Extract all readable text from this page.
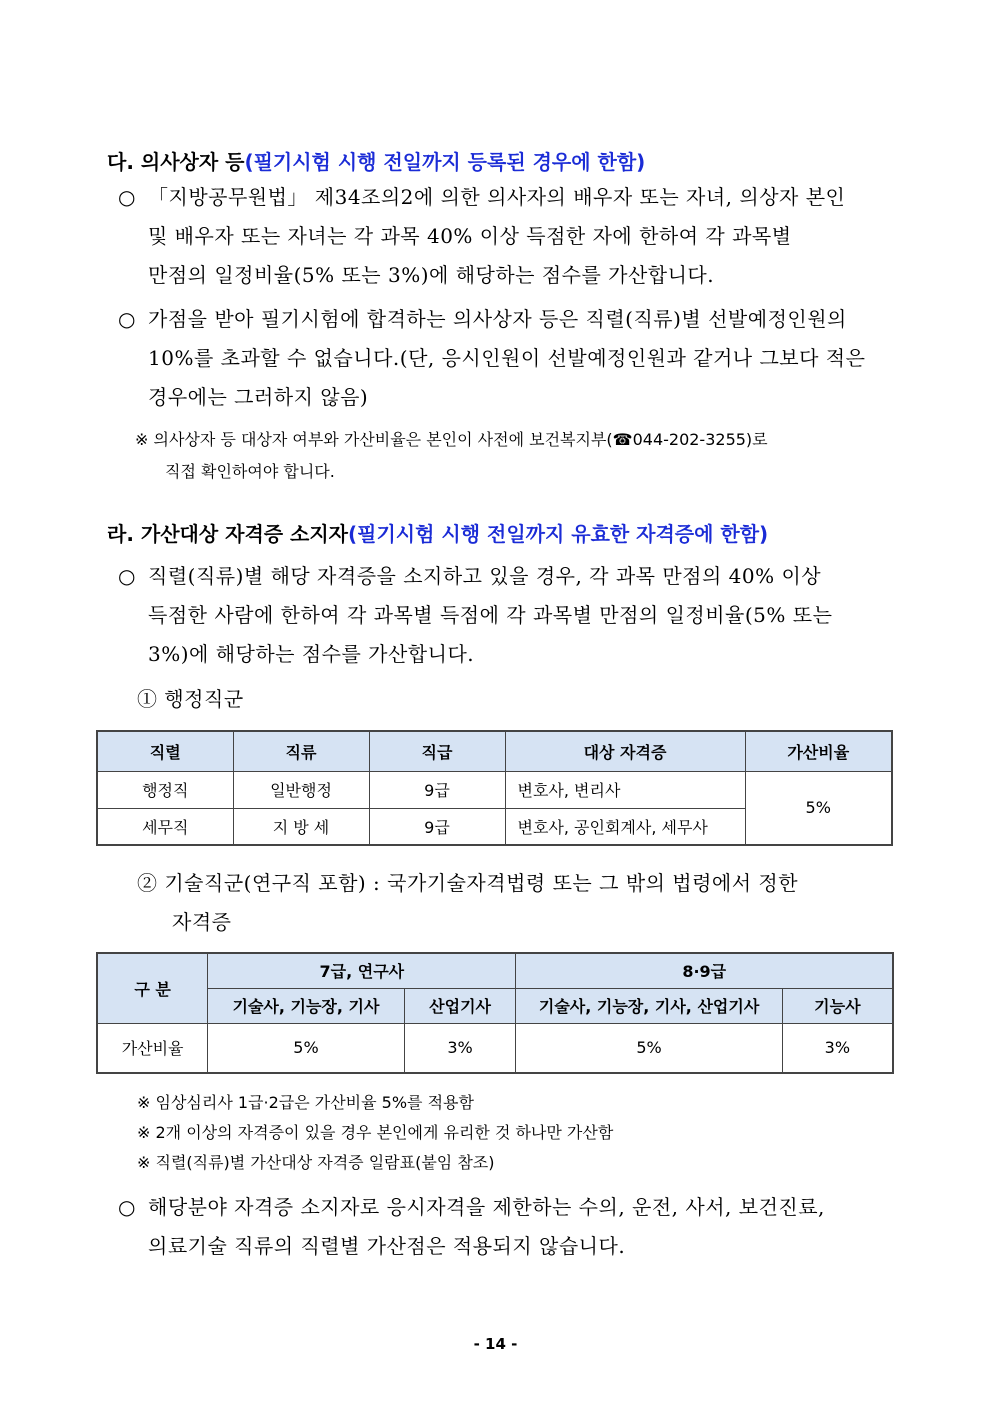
다. 의사상자 등(필기시험 시행 전일까지 등록된 경우에 한함)
○ 「지방공무원법」 제34조의2에 의한 의사자의 배우자 또는 자녀, 의상자 본인
및 배우자 또는 자녀는 각 과목 40% 이상 득점한 자에 한하여 각 과목별
만점의 일정비율(5% 또는 3%)에 해당하는 점수를 가산합니다.
○ 가점을 받아 필기시험에 합격하는 의사상자 등은 직렬(직류)별 선발예정인원의
10%를 초과할 수 없습니다.(단, 응시인원이 선발예정인원과 같거나 그보다 적은
경우에는 그러하지 않음)
※ 의사상자 등 대상자 여부와 가산비율은 본인이 사전에 보건복지부(☎044-202-3255)로
직접 확인하여야 합니다.
라. 가산대상 자격증 소지자(필기시험 시행 전일까지 유효한 자격증에 한함)
○ 직렬(직류)별 해당 자격증을 소지하고 있을 경우, 각 과목 만점의 40% 이상
득점한 사람에 한하여 각 과목별 득점에 각 과목별 만점의 일정비율(5% 또는
3%)에 해당하는 점수를 가산합니다.
① 행정직군
직렬	직류	직급	대상 자격증	가산비율
행정직	일반행정	9급	변호사, 변리사	5%
세무직	지 방 세	9급	변호사, 공인회계사, 세무사	
② 기술직군(연구직 포함) : 국가기술자격법령 또는 그 밖의 법령에서 정한
자격증
구 분	7급, 연구사		8·9급	
	기술사, 기능장, 기사	산업기사	기술사, 기능장, 기사, 산업기사	기능사
가산비율	5%	3%	5%	3%
※ 임상심리사 1급·2급은 가산비율 5%를 적용함
※ 2개 이상의 자격증이 있을 경우 본인에게 유리한 것 하나만 가산함
※ 직렬(직류)별 가산대상 자격증 일람표(붙임 참조)
○ 해당분야 자격증 소지자로 응시자격을 제한하는 수의, 운전, 사서, 보건진료,
의료기술 직류의 직렬별 가산점은 적용되지 않습니다.
- 14 -
